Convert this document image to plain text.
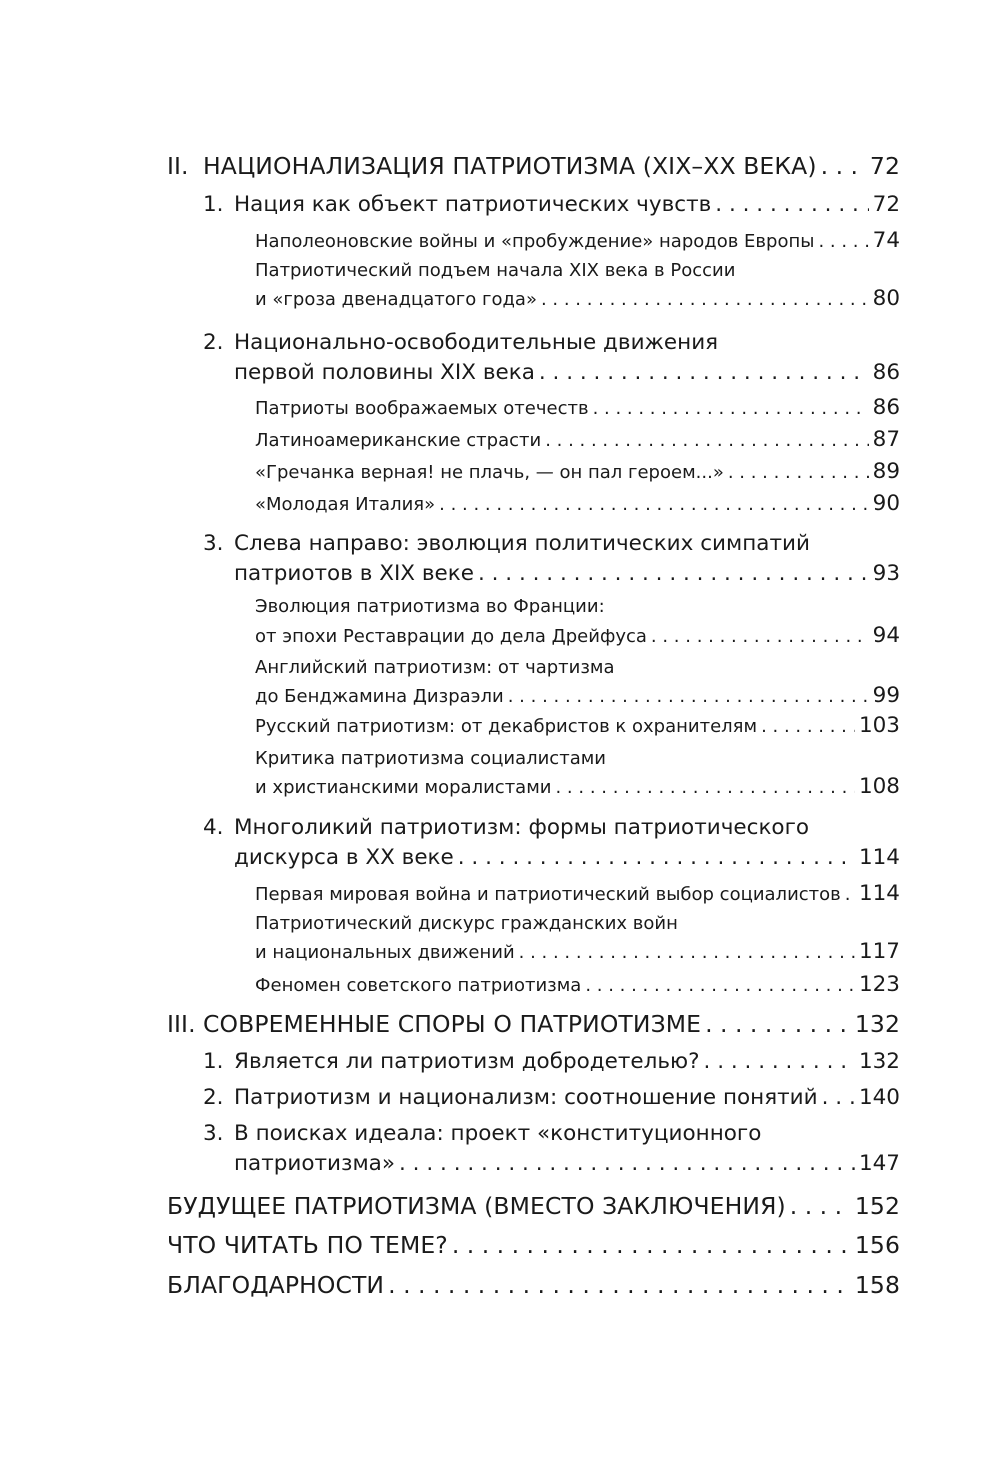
II. НАЦИОНАЛИЗАЦИЯ ПАТРИОТИЗМА (XIX–XX ВЕКА) . . . 72
1. Нация как объект патриотических чувств . . .	72
Наполеоновские войны и «пробуждение» народов Европы . . .	74
Патриотический подъем начала XIX века в России
и «гроза двенадцатого года» . . .	80
2. Национально-освободительные движения
первой половины XIX века . . .	86
Патриоты воображаемых отечеств . . .	86
Латиноамериканские страсти . . .	87
«Гречанка верная! не плачь, — он пал героем...» . . .	89
«Молодая Италия» . . .	90
3. Слева направо: эволюция политических симпатий
патриотов в XIX веке . . .	93
Эволюция патриотизма во Франции:
от эпохи Реставрации до дела Дрейфуса . . .	94
Английский патриотизм: от чартизма
до Бенджамина Дизраэли . . .	99
Русский патриотизм: от декабристов к охранителям . . .	103
Критика патриотизма социалистами
и христианскими моралистами . . .	108
4. Многоликий патриотизм: формы патриотического
дискурса в XX веке . . .	114
Первая мировая война и патриотический выбор социалистов . . . 114
Патриотический дискурс гражданских войн
и национальных движений . . .	117
Феномен советского патриотизма . . .	123
III. СОВРЕМЕННЫЕ СПОРЫ О ПАТРИОТИЗМЕ . . .	132
1. Является ли патриотизм добродетелью? . . .	132
2. Патриотизм и национализм: соотношение понятий . . . 140
3. В поисках идеала: проект «конституционного
патриотизма» . . .	147
БУДУЩЕЕ ПАТРИОТИЗМА (ВМЕСТО ЗАКЛЮЧЕНИЯ) . . .	152
ЧТО ЧИТАТЬ ПО ТЕМЕ? . . .	156
БЛАГОДАРНОСТИ . . .	158
